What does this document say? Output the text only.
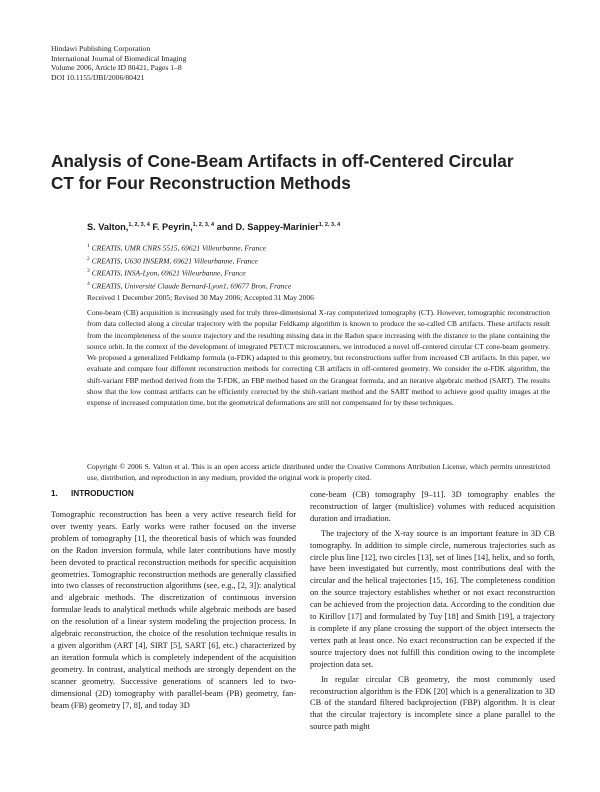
Hindawi Publishing Corporation
International Journal of Biomedical Imaging
Volume 2006, Article ID 80421, Pages 1–8
DOI 10.1155/IJBI/2006/80421
Analysis of Cone-Beam Artifacts in off-Centered Circular
CT for Four Reconstruction Methods
S. Valton,$^{1, 2, 3, 4}$ F. Peyrin,$^{1, 2, 3, 4}$ and D. Sappey-Marinier$^{1, 2, 3, 4}$
$^1$ CREATIS, UMR CNRS 5515, 69621 Villeurbanne, France
$^2$ CREATIS, U630 INSERM, 69621 Villeurbanne, France
$^3$ CREATIS, INSA-Lyon, 69621 Villeurbanne, France
$^4$ CREATIS, Université Claude Bernard-Lyon1, 69677 Bron, France
Received 1 December 2005; Revised 30 May 2006; Accepted 31 May 2006

Cone-beam (CB) acquisition is increasingly used for truly three-dimensional X-ray computerized tomography (CT). However, tomographic reconstruction from data collected along a circular trajectory with the popular Feldkamp algorithm is known to produce the so-called CB artifacts. These artifacts result from the incompleteness of the source trajectory and the resulting missing data in the Radon space increasing with the distance to the plane containing the source orbit. In the context of the development of integrated PET/CT microscanners, we introduced a novel off-centered circular CT cone-beam geometry. We proposed a generalized Feldkamp formula (α-FDK) adapted to this geometry, but reconstructions suffer from increased CB artifacts. In this paper, we evaluate and compare four different reconstruction methods for correcting CB artifacts in off-centered geometry. We consider the α-FDK algorithm, the shift-variant FBP method derived from the T-FDK, an FBP method based on the Grangeat formula, and an iterative algebraic method (SART). The results show that the low contrast artifacts can be efficiently corrected by the shift-variant method and the SART method to achieve good quality images at the expense of increased computation time, but the geometrical deformations are still not compensated for by these techniques.

Copyright © 2006 S. Valton et al. This is an open access article distributed under the Creative Commons Attribution License, which permits unrestricted use, distribution, and reproduction in any medium, provided the original work is properly cited.

1. INTRODUCTION

Tomographic reconstruction has been a very active research field for over twenty years. Early works were rather focused on the inverse problem of tomography [1], the theoretical basis of which was founded on the Radon inversion formula, while later contributions have mostly been devoted to practical reconstruction methods for specific acquisition geometries. Tomographic reconstruction methods are generally classified into two classes of reconstruction algorithms (see, e.g., [2, 3]): analytical and algebraic methods. The discretization of continuous inversion formulae leads to analytical methods while algebraic methods are based on the resolution of a linear system modeling the projection process. In algebraic reconstruction, the choice of the resolution technique results in a given algorithm (ART [4], SIRT [5], SART [6], etc.) characterized by an iteration formula which is completely independent of the acquisition geometry. In contrast, analytical methods are strongly dependent on the scanner geometry. Successive generations of scanners led to two-dimensional (2D) tomography with parallel-beam (PB) geometry, fan-beam (FB) geometry [7, 8], and today 3D

cone-beam (CB) tomography [9–11]. 3D tomography enables the reconstruction of larger (multislice) volumes with reduced acquisition duration and irradiation.

The trajectory of the X-ray source is an important feature in 3D CB tomography. In addition to simple circle, numerous trajectories such as circle plus line [12], two circles [13], set of lines [14], helix, and so forth, have been investigated but currently, most contributions deal with the circular and the helical trajectories [15, 16]. The completeness condition on the source trajectory establishes whether or not exact reconstruction can be achieved from the projection data. According to the condition due to Kirillov [17] and formulated by Tuy [18] and Smith [19], a trajectory is complete if any plane crossing the support of the object intersects the vertex path at least once. No exact reconstruction can be expected if the source trajectory does not fulfill this condition owing to the incomplete projection data set.

In regular circular CB geometry, the most commonly used reconstruction algorithm is the FDK [20] which is a generalization to 3D CB of the standard filtered backprojection (FBP) algorithm. It is clear that the circular trajectory is incomplete since a plane parallel to the source path might
